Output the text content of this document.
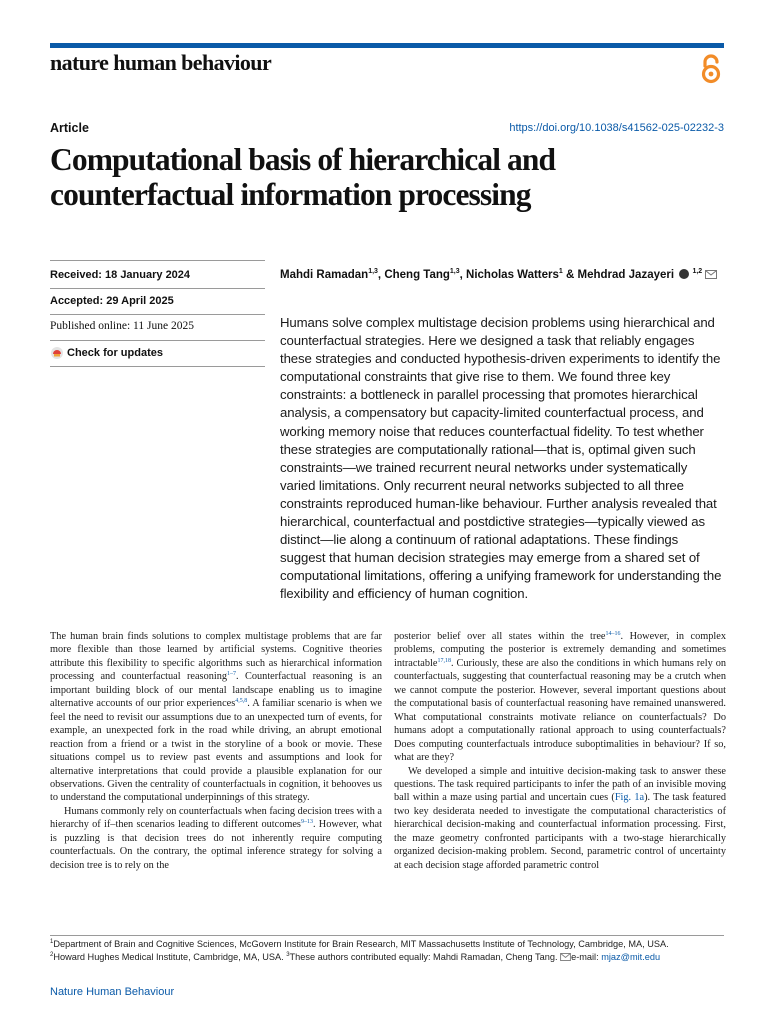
nature human behaviour
Article	https://doi.org/10.1038/s41562-025-02232-3
Computational basis of hierarchical and
counterfactual information processing
Received: 18 January 2024
Accepted: 29 April 2025
Published online: 11 June 2025
Check for updates
Mahdi Ramadan$^{1,3}$, Cheng Tang$^{1,3}$, Nicholas Watters$^1$ & Mehdrad Jazayeri	$^{1,2}$

Humans solve complex multistage decision problems using hierarchical and counterfactual strategies. Here we designed a task that reliably engages these strategies and conducted hypothesis-driven experiments to identify the computational constraints that give rise to them. We found three key constraints: a bottleneck in parallel processing that promotes hierarchical analysis, a compensatory but capacity-limited counterfactual process, and working memory noise that reduces counterfactual fidelity. To test whether these strategies are computationally rational—that is, optimal given such constraints—we trained recurrent neural networks under systematically varied limitations. Only recurrent neural networks subjected to all three constraints reproduced human-like behaviour. Further analysis revealed that hierarchical, counterfactual and postdictive strategies—typically viewed as distinct—lie along a continuum of rational adaptations. These findings suggest that human decision strategies may emerge from a shared set of computational limitations, offering a unifying framework for understanding the flexibility and efficiency of human cognition.

The human brain finds solutions to complex multistage problems that are far more flexible than those learned by artificial systems. Cognitive theories attribute this flexibility to specific algorithms such as hierarchical information processing and counterfactual reasoning$^{1-7}$. Counterfactual reasoning is an important building block of our mental landscape enabling us to imagine alternative accounts of our prior experiences$^{4,5,8}$. A familiar scenario is when we feel the need to revisit our assumptions due to an unexpected turn of events, for example, an unexpected fork in the road while driving, an abrupt emotional reaction from a friend or a twist in the storyline of a book or movie. These situations compel us to review past events and assumptions and look for alternative interpretations that could provide a plausible explanation for our observations. Given the centrality of counterfactuals in cognition, it behooves us to understand the computational underpinnings of this strategy.

Humans commonly rely on counterfactuals when facing decision trees with a hierarchy of if–then scenarios leading to different outcomes$^{9-13}$. However, what is puzzling is that decision trees do not inherently require computing counterfactuals. On the contrary, the optimal inference strategy for solving a decision tree is to rely on the

posterior belief over all states within the tree$^{14-16}$. However, in complex problems, computing the posterior is extremely demanding and sometimes intractable$^{17,18}$. Curiously, these are also the conditions in which humans rely on counterfactuals, suggesting that counterfactual reasoning may be a crutch when we cannot compute the posterior. However, several important questions about the computational basis of counterfactual reasoning have remained unanswered. What computational constraints motivate reliance on counterfactuals? Do humans adopt a computationally rational approach to using counterfactuals? Does computing counterfactuals introduce suboptimalities in behaviour? If so, what are they?

We developed a simple and intuitive decision-making task to answer these questions. The task required participants to infer the path of an invisible moving ball within a maze using partial and uncertain cues (Fig. 1a). The task featured two key desiderata needed to investigate the computational characteristics of hierarchical decision-making and counterfactual information processing. First, the maze geometry confronted participants with a two-stage hierarchically organized decision-making problem. Second, parametric control of uncertainty at each decision stage afforded parametric control

$^1$Department of Brain and Cognitive Sciences, McGovern Institute for Brain Research, MIT Massachusetts Institute of Technology, Cambridge, MA, USA.
$^2$Howard Hughes Medical Institute, Cambridge, MA, USA. $^3$These authors contributed equally: Mahdi Ramadan, Cheng Tang. e-mail: mjaz@mit.edu
Nature Human Behaviour
